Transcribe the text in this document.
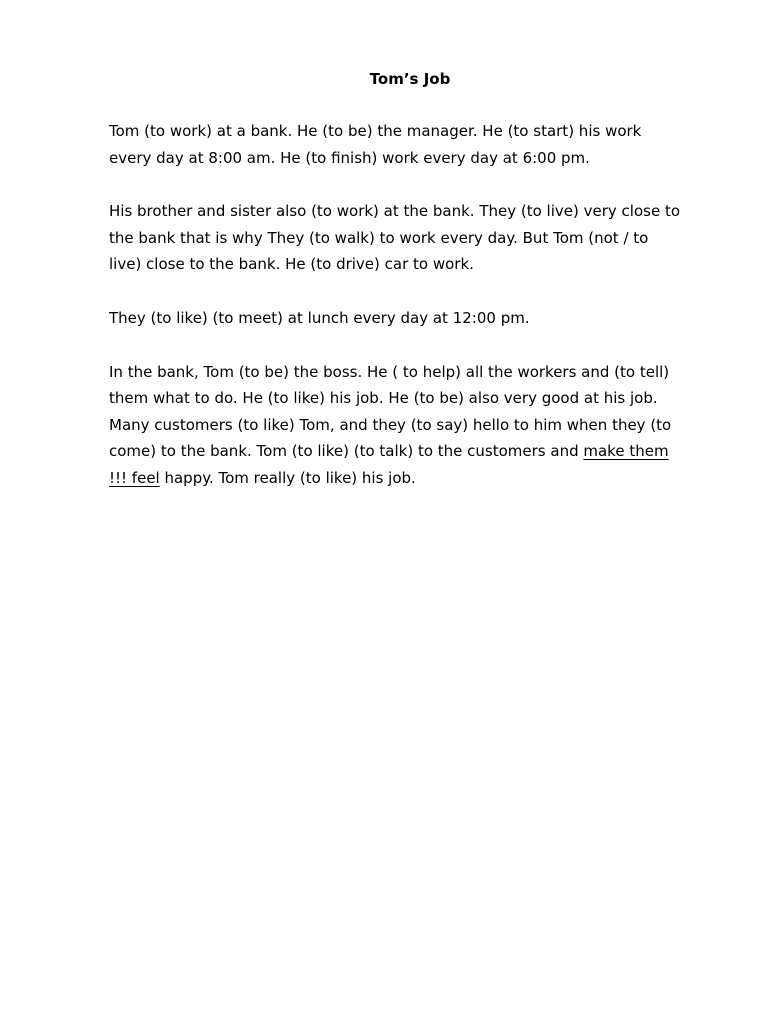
Tom’s Job

Tom (to work) at a bank. He (to be) the manager. He (to start) his work
every day at 8:00 am. He (to finish) work every day at 6:00 pm.

His brother and sister also (to work) at the bank. They (to live) very close to
the bank that is why They (to walk) to work every day. But Tom (not / to
live) close to the bank. He (to drive) car to work.

They (to like) (to meet) at lunch every day at 12:00 pm.

In the bank, Tom (to be) the boss. He ( to help) all the workers and (to tell)
them what to do. He (to like) his job. He (to be) also very good at his job.
Many customers (to like) Tom, and they (to say) hello to him when they (to
come) to the bank. Tom (to like) (to talk) to the customers and make them
!!! feel happy. Tom really (to like) his job.
